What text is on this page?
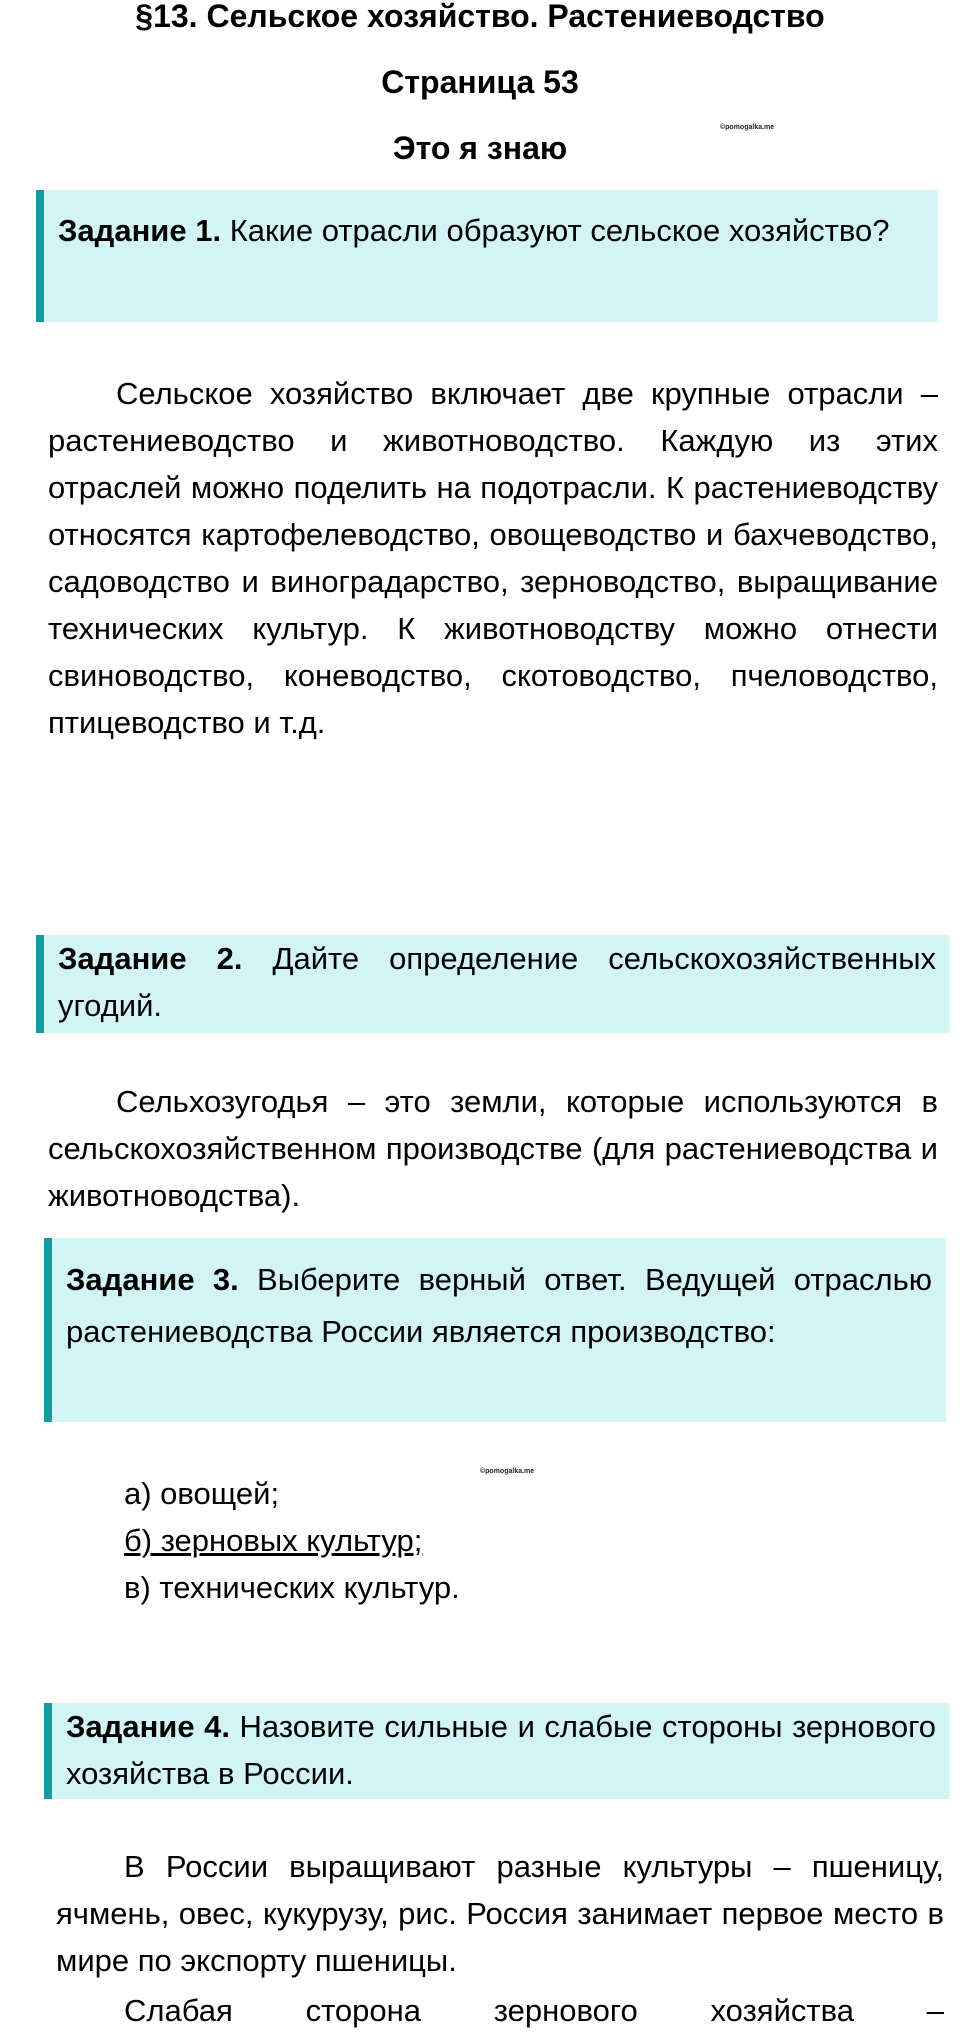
§13. Сельское хозяйство. Растениеводство
Страница 53
Это я знаю
©pomogalka.me
Задание 1. Какие отрасли образуют сельское хозяйство?
Сельское хозяйство включает две крупные отрасли – растениеводство и животноводство. Каждую из этих отраслей можно поделить на подотрасли. К растениеводству относятся картофелеводство, овощеводство и бахчеводство, садоводство и виноградарство, зерноводство, выращивание технических культур. К животноводству можно отнести свиноводство, коневодство, скотоводство, пчеловодство, птицеводство и т.д.
Задание 2. Дайте определение сельскохозяйственных угодий.
Сельхозугодья – это земли, которые используются в сельскохозяйственном производстве (для растениеводства и животноводства).
Задание 3. Выберите верный ответ. Ведущей отраслью растениеводства России является производство:
©pomogalka.me
а) овощей;
б) зерновых культур;
в) технических культур.
Задание 4. Назовите сильные и слабые стороны зернового хозяйства в России.
В России выращивают разные культуры – пшеницу, ячмень, овес, кукурузу, рис. Россия занимает первое место в мире по экспорту пшеницы.
Слабая сторона зернового хозяйства –
